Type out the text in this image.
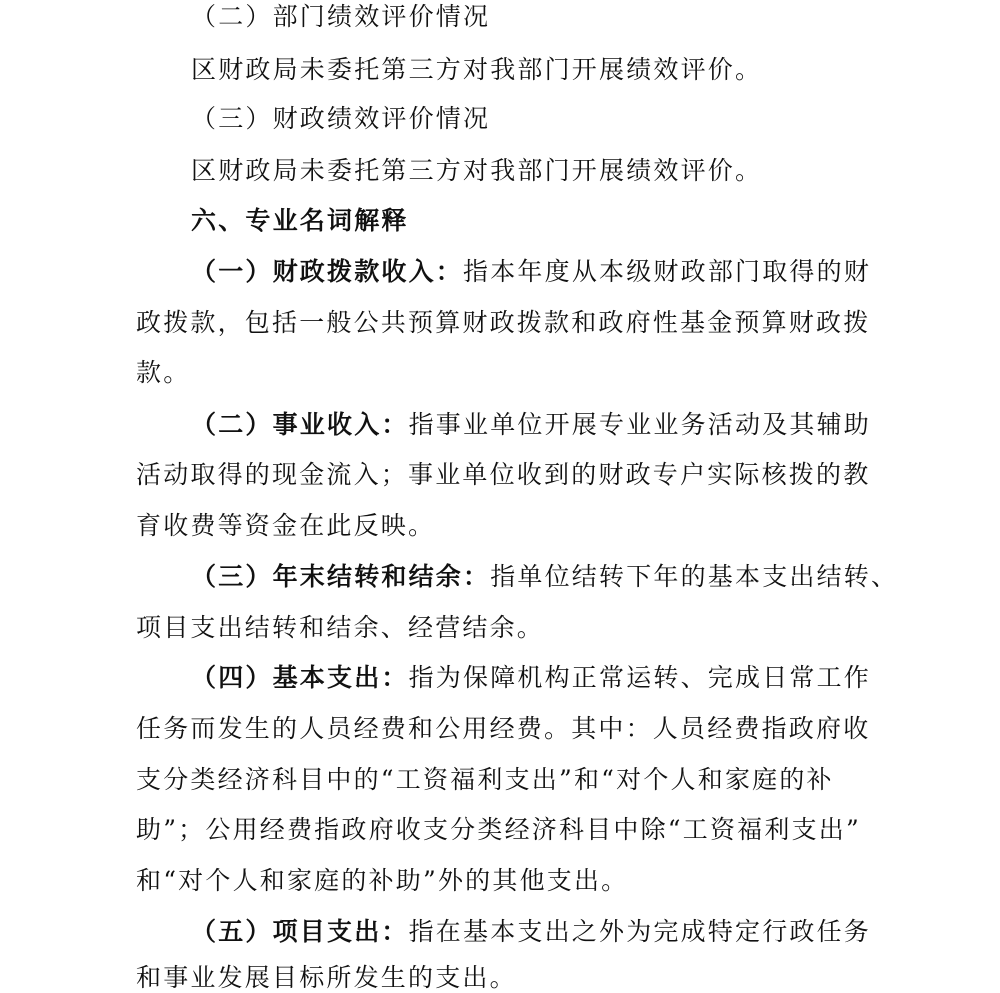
（二）部门绩效评价情况
区财政局未委托第三方对我部门开展绩效评价。
（三）财政绩效评价情况
区财政局未委托第三方对我部门开展绩效评价。
六、专业名词解释
（一）财政拨款收入：指本年度从本级财政部门取得的财
政拨款，包括一般公共预算财政拨款和政府性基金预算财政拨
款。
（二）事业收入：指事业单位开展专业业务活动及其辅助
活动取得的现金流入；事业单位收到的财政专户实际核拨的教
育收费等资金在此反映。
（三）年末结转和结余：指单位结转下年的基本支出结转、
项目支出结转和结余、经营结余。
（四）基本支出：指为保障机构正常运转、完成日常工作
任务而发生的人员经费和公用经费。其中：人员经费指政府收
支分类经济科目中的“工资福利支出”和“对个人和家庭的补
助”；公用经费指政府收支分类经济科目中除“工资福利支出”
和“对个人和家庭的补助”外的其他支出。
（五）项目支出：指在基本支出之外为完成特定行政任务
和事业发展目标所发生的支出。
